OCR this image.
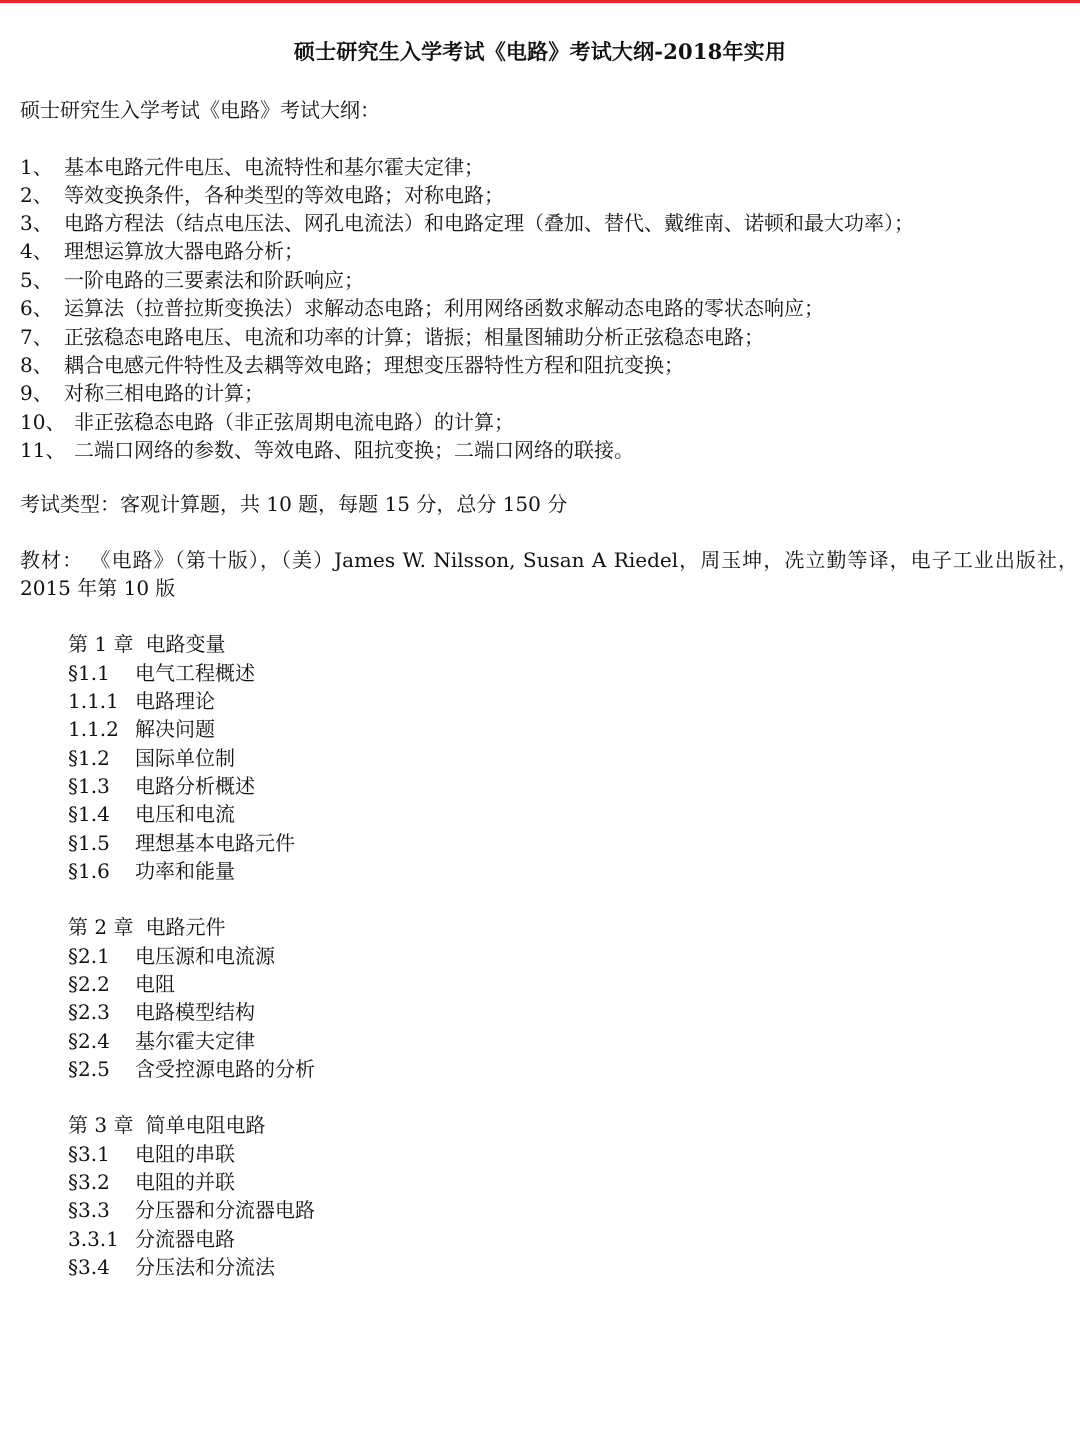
硕士研究生入学考试《电路》考试大纲-2018年实用
硕士研究生入学考试《电路》考试大纲：
1、 基本电路元件电压、电流特性和基尔霍夫定律；
2、 等效变换条件，各种类型的等效电路；对称电路；
3、 电路方程法（结点电压法、网孔电流法）和电路定理（叠加、替代、戴维南、诺顿和最大功率）；
4、 理想运算放大器电路分析；
5、 一阶电路的三要素法和阶跃响应；
6、 运算法（拉普拉斯变换法）求解动态电路；利用网络函数求解动态电路的零状态响应；
7、 正弦稳态电路电压、电流和功率的计算；谐振；相量图辅助分析正弦稳态电路；
8、 耦合电感元件特性及去耦等效电路；理想变压器特性方程和阻抗变换；
9、 对称三相电路的计算；
10、 非正弦稳态电路（非正弦周期电流电路）的计算；
11、 二端口网络的参数、等效电路、阻抗变换；二端口网络的联接。
考试类型：客观计算题，共 10 题，每题 15 分，总分 150 分
教材： 《电路》（第十版），（美）James W. Nilsson, Susan A Riedel，周玉坤，冼立勤等译，电子工业出版社，2015 年第 10 版
第 1 章 电路变量
§1.1 电气工程概述
1.1.1 电路理论
1.1.2 解决问题
§1.2 国际单位制
§1.3 电路分析概述
§1.4 电压和电流
§1.5 理想基本电路元件
§1.6 功率和能量
第 2 章 电路元件
§2.1 电压源和电流源
§2.2 电阻
§2.3 电路模型结构
§2.4 基尔霍夫定律
§2.5 含受控源电路的分析
第 3 章 简单电阻电路
§3.1 电阻的串联
§3.2 电阻的并联
§3.3 分压器和分流器电路
3.3.1 分流器电路
§3.4 分压法和分流法
